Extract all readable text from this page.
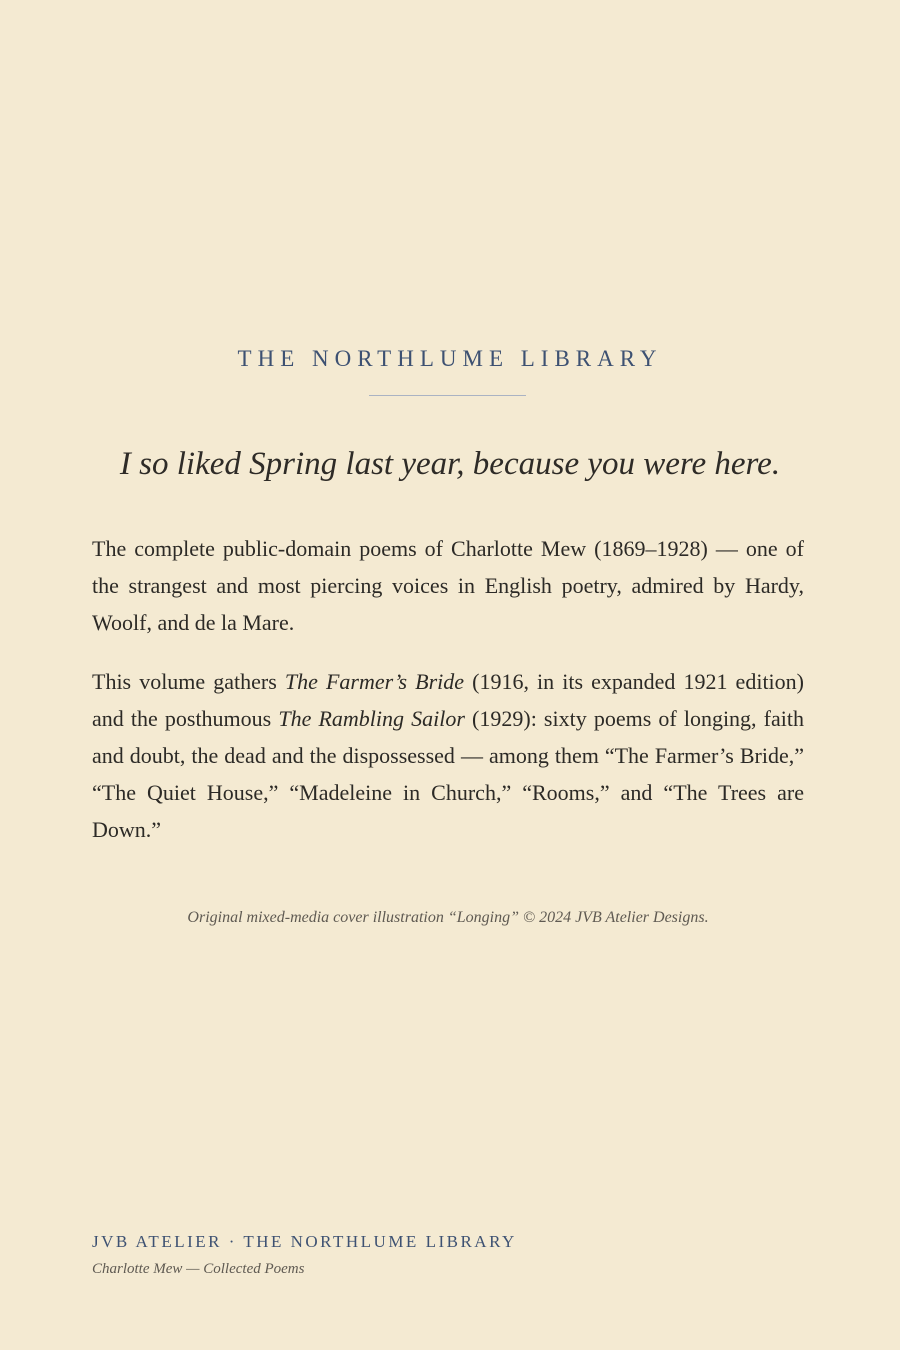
THE NORTHLUME LIBRARY
I so liked Spring last year, because you were here.

The complete public-domain poems of Charlotte Mew (1869–1928) — one of the strangest and most piercing voices in English poetry, admired by Hardy, Woolf, and de la Mare.

This volume gathers The Farmer’s Bride (1916, in its expanded 1921 edition) and the posthumous The Rambling Sailor (1929): sixty poems of longing, faith and doubt, the dead and the dispossessed — among them “The Farmer’s Bride,” “The Quiet House,” “Madeleine in Church,” “Rooms,” and “The Trees are Down.”

Original mixed-media cover illustration “Longing” © 2024 JVB Atelier Designs.
JVB ATELIER · THE NORTHLUME LIBRARY
Charlotte Mew — Collected Poems
